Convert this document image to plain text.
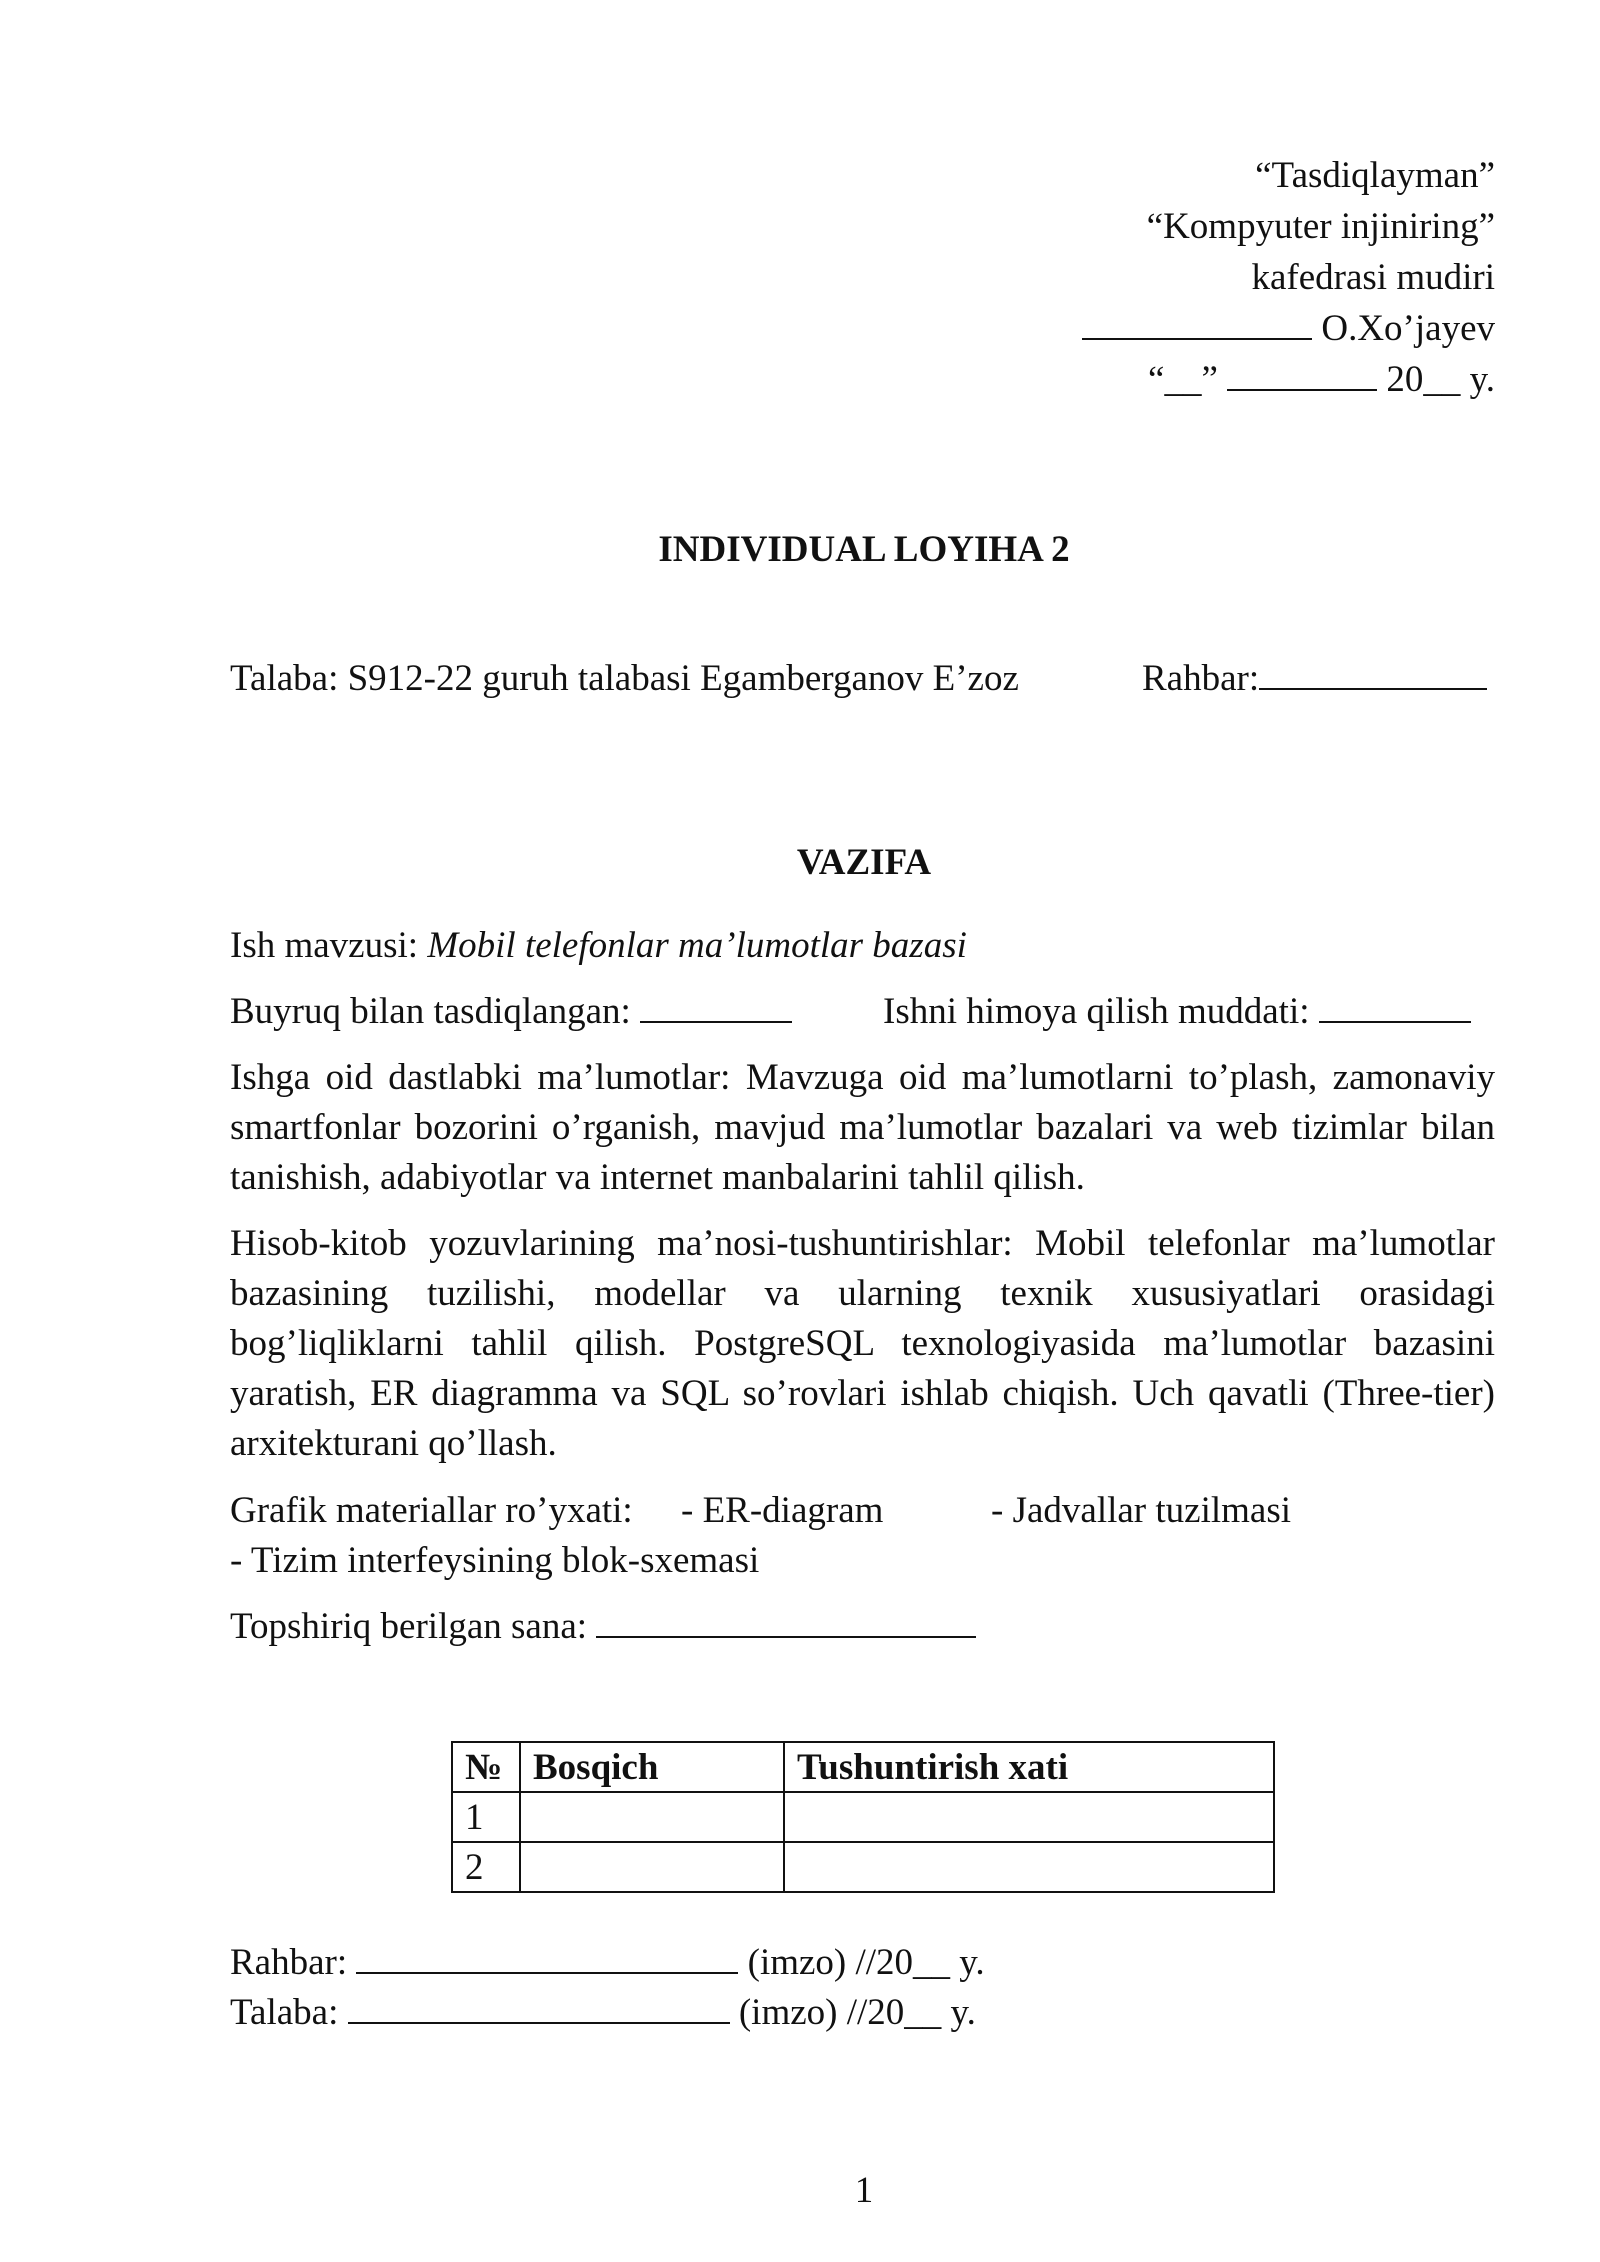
“Tasdiqlayman”
“Kompyuter injiniring”
kafedrasi mudiri
O.Xo’jayev
“__”	20__ y.
INDIVIDUAL LOYIHA 2
Talaba: S912-22 guruh talabasi Egamberganov E’zoz	Rahbar:
VAZIFA
Ish mavzusi: Mobil telefonlar ma’lumotlar bazasi
Buyruq bilan tasdiqlangan:	Ishni himoya qilish muddati:
Ishga oid dastlabki ma’lumotlar: Mavzuga oid ma’lumotlarni to’plash, zamonaviy smartfonlar bozorini o’rganish, mavjud ma’lumotlar bazalari va web tizimlar bilan tanishish, adabiyotlar va internet manbalarini tahlil qilish.
Hisob-kitob yozuvlarining ma’nosi-tushuntirishlar: Mobil telefonlar ma’lumotlar bazasining tuzilishi, modellar va ularning texnik xususiyatlari orasidagi bog’liqliklarni tahlil qilish. PostgreSQL texnologiyasida ma’lumotlar bazasini yaratish, ER diagramma va SQL so’rovlari ishlab chiqish. Uch qavatli (Three-tier) arxitekturani qo’llash.
Grafik materiallar ro’yxati: - ER-diagram	- Jadvallar tuzilmasi
- Tizim interfeysining blok-sxemasi
Topshiriq berilgan sana:
№	Bosqich	Tushuntirish xati
1		
2		
Rahbar:	(imzo) //20__ y.
Talaba:	(imzo) //20__ y.
1
